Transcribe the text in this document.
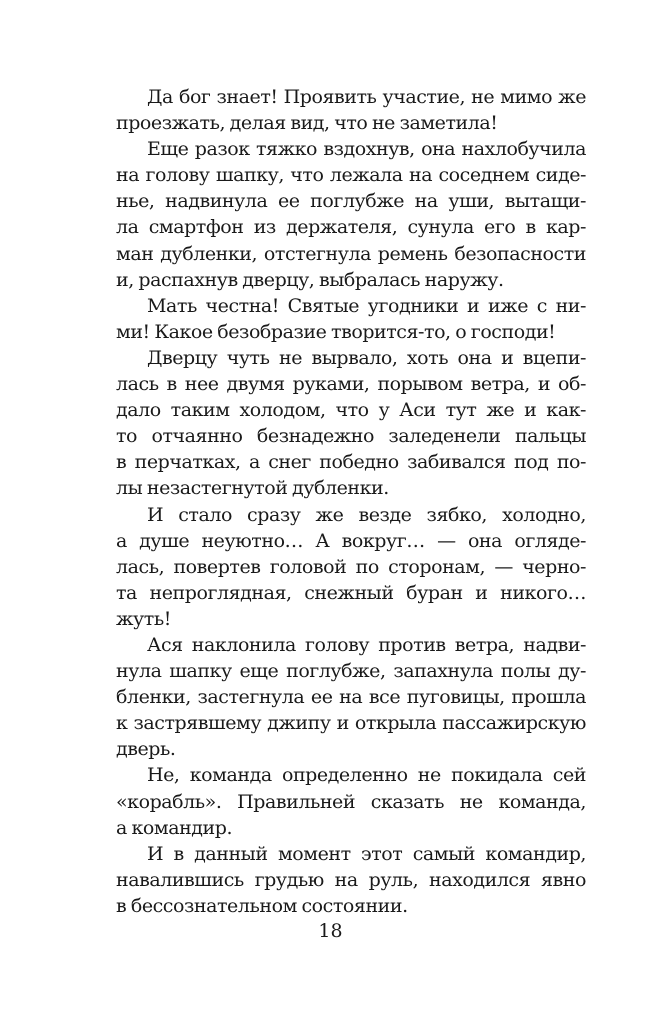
Да бог знает! Проявить участие, не мимо же
проезжать, делая вид, что не заметила!
Еще разок тяжко вздохнув, она нахлобучила
на голову шапку, что лежала на соседнем сиде-
нье, надвинула ее поглубже на уши, вытащи-
ла смартфон из держателя, сунула его в кар-
ман дубленки, отстегнула ремень безопасности
и, распахнув дверцу, выбралась наружу.
Мать честна! Святые угодники и иже с ни-
ми! Какое безобразие творится-то, о господи!
Дверцу чуть не вырвало, хоть она и вцепи-
лась в нее двумя руками, порывом ветра, и об-
дало таким холодом, что у Аси тут же и как-
то отчаянно безнадежно заледенели пальцы
в перчатках, а снег победно забивался под по-
лы незастегнутой дубленки.
И стало сразу же везде зябко, холодно,
а душе неуютно… А вокруг… — она огляде-
лась, повертев головой по сторонам, — черно-
та непроглядная, снежный буран и никого…
жуть!
Ася наклонила голову против ветра, надви-
нула шапку еще поглубже, запахнула полы ду-
бленки, застегнула ее на все пуговицы, прошла
к застрявшему джипу и открыла пассажирскую
дверь.
Не, команда определенно не покидала сей
«корабль». Правильней сказать не команда,
а командир.
И в данный момент этот самый командир,
навалившись грудью на руль, находился явно
в бессознательном состоянии.
18
